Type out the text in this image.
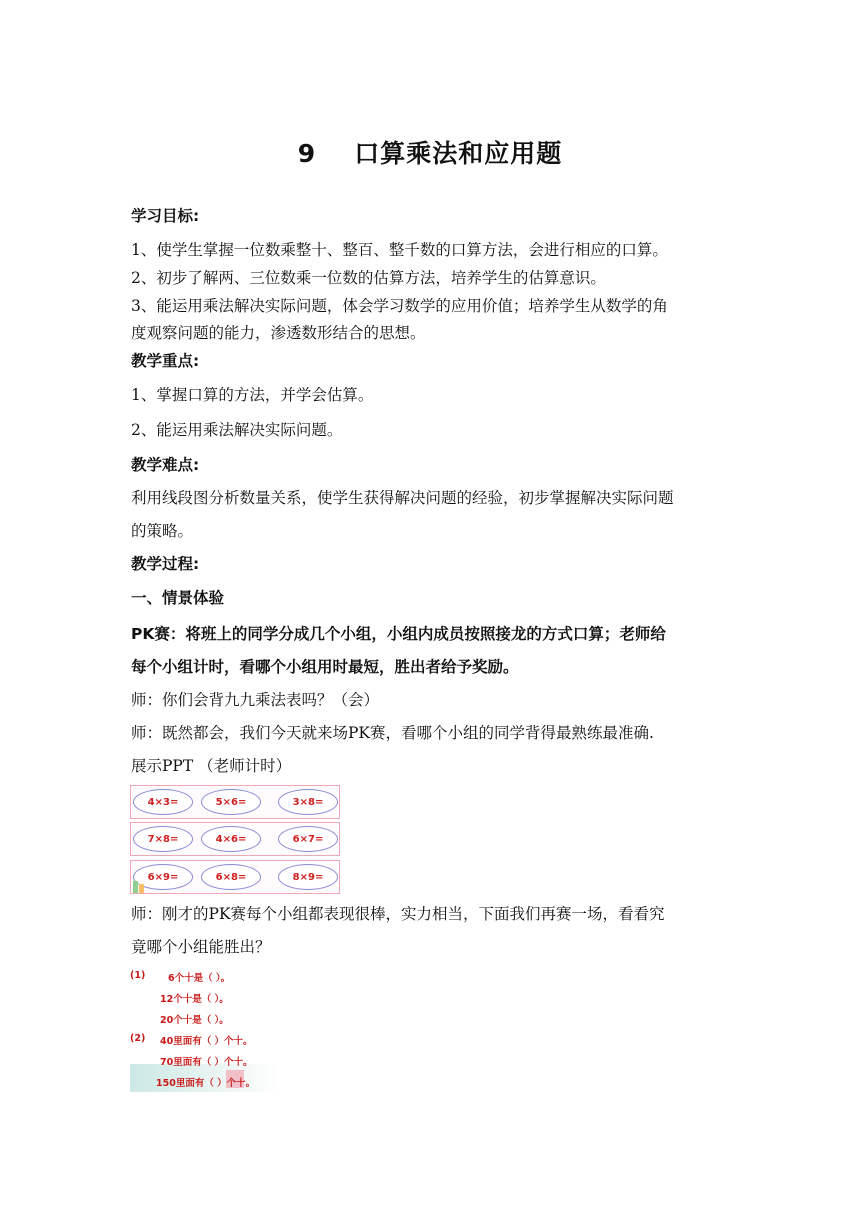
9 口算乘法和应用题
学习目标:
1、使学生掌握一位数乘整十、整百、整千数的口算方法，会进行相应的口算。
2、初步了解两、三位数乘一位数的估算方法，培养学生的估算意识。
3、能运用乘法解决实际问题，体会学习数学的应用价值；培养学生从数学的角
度观察问题的能力，渗透数形结合的思想。
教学重点:
1、掌握口算的方法，并学会估算。
2、能运用乘法解决实际问题。
教学难点:
利用线段图分析数量关系，使学生获得解决问题的经验，初步掌握解决实际问题
的策略。
教学过程:
一、情景体验
PK赛：将班上的同学分成几个小组，小组内成员按照接龙的方式口算；老师给
每个小组计时，看哪个小组用时最短，胜出者给予奖励。
师：你们会背九九乘法表吗？（会）
师：既然都会，我们今天就来场PK赛，看哪个小组的同学背得最熟练最准确.
展示PPT （老师计时）
4×3=	5×6=	3×8=
7×8=	4×6=	6×7=
6×9=	6×8=	8×9=
师：刚才的PK赛每个小组都表现很棒，实力相当，下面我们再赛一场，看看究
竟哪个小组能胜出？
(1) 6个十是（ ）。
12个十是（ ）。
20个十是（ ）。
(2) 40里面有（ ）个十。
70里面有（ ）个十。
150里面有（ ）个十。
